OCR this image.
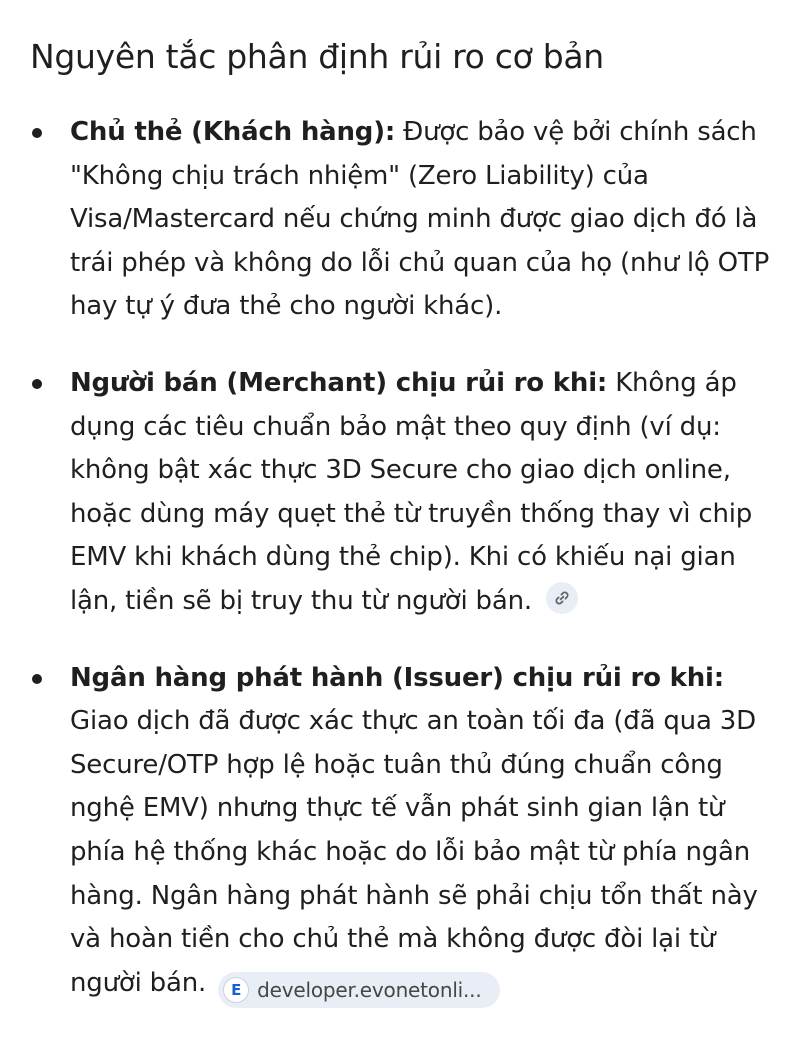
Nguyên tắc phân định rủi ro cơ bản
Chủ thẻ (Khách hàng): Được bảo vệ bởi chính sách "Không chịu trách nhiệm" (Zero Liability) của Visa/Mastercard nếu chứng minh được giao dịch đó là trái phép và không do lỗi chủ quan của họ (như lộ OTP hay tự ý đưa thẻ cho người khác).
Người bán (Merchant) chịu rủi ro khi: Không áp dụng các tiêu chuẩn bảo mật theo quy định (ví dụ: không bật xác thực 3D Secure cho giao dịch online, hoặc dùng máy quẹt thẻ từ truyền thống thay vì chip EMV khi khách dùng thẻ chip). Khi có khiếu nại gian lận, tiền sẽ bị truy thu từ người bán.
Ngân hàng phát hành (Issuer) chịu rủi ro khi: Giao dịch đã được xác thực an toàn tối đa (đã qua 3D Secure/OTP hợp lệ hoặc tuân thủ đúng chuẩn công nghệ EMV) nhưng thực tế vẫn phát sinh gian lận từ phía hệ thống khác hoặc do lỗi bảo mật từ phía ngân hàng. Ngân hàng phát hành sẽ phải chịu tổn thất này và hoàn tiền cho chủ thẻ mà không được đòi lại từ người bán. E developer.evonetonli...
